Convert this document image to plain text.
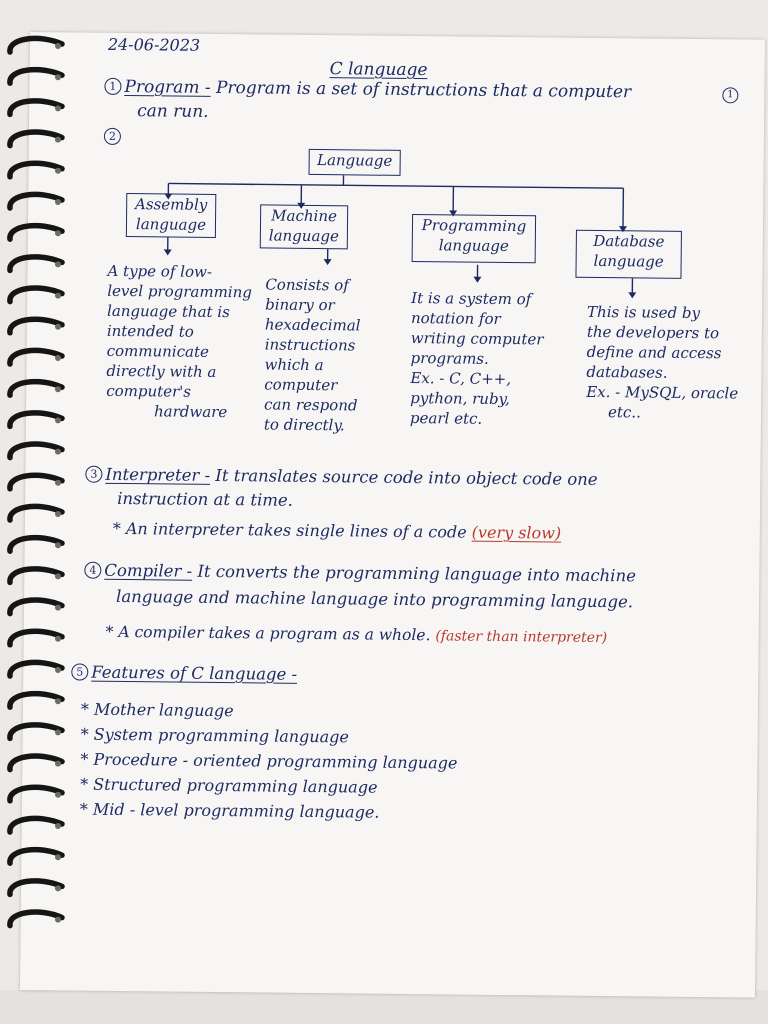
24-06-2023
C language
1
1 Program - Program is a set of instructions that a computer
can run.
2
Language
Assembly
language	Machine
language
Programming
language	Database
language
A type of low-
level programming
language that is
intended to
communicate
directly with a
computer's
hardware
Consists of
binary or
hexadecimal
instructions
which a
computer
can respond
to directly.
It is a system of
notation for
writing computer
programs.
Ex. - C, C++,
python, ruby,
pearl etc.
This is used by
the developers to
define and access
databases.
Ex. - MySQL, oracle
etc..
3 Interpreter - It translates source code into object code one
instruction at a time.
* An interpreter takes single lines of a code (very slow)
4 Compiler - It converts the programming language into machine
language and machine language into programming language.
* A compiler takes a program as a whole. (faster than interpreter)
5 Features of C language -
* Mother language
* System programming language
* Procedure - oriented programming language
* Structured programming language
* Mid - level programming language.
